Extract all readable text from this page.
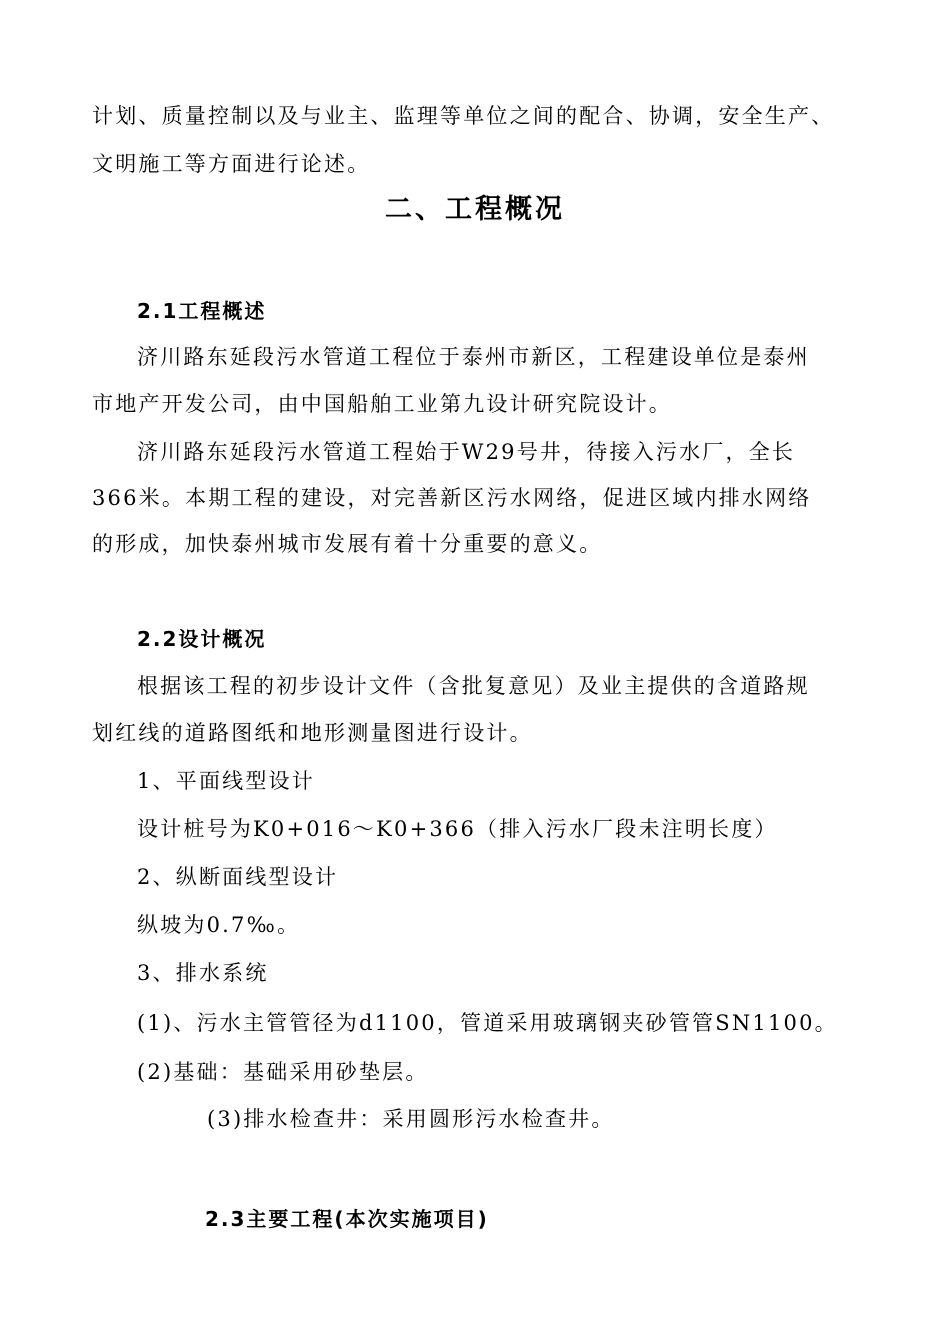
计划、质量控制以及与业主、监理等单位之间的配合、协调，安全生产、
文明施工等方面进行论述。
二、工程概况
2.1工程概述
济川路东延段污水管道工程位于泰州市新区，工程建设单位是泰州
市地产开发公司，由中国船舶工业第九设计研究院设计。
济川路东延段污水管道工程始于W29号井，待接入污水厂，全长
366米。本期工程的建设，对完善新区污水网络，促进区域内排水网络
的形成，加快泰州城市发展有着十分重要的意义。
2.2设计概况
根据该工程的初步设计文件（含批复意见）及业主提供的含道路规
划红线的道路图纸和地形测量图进行设计。
1、平面线型设计
设计桩号为K0+016～K0+366（排入污水厂段未注明长度）
2、纵断面线型设计
纵坡为0.7‰。
3、排水系统
(1)、污水主管管径为d1100，管道采用玻璃钢夹砂管管SN1100。
(2)基础：基础采用砂垫层。
(3)排水检查井：采用圆形污水检查井。
2.3主要工程(本次实施项目)
